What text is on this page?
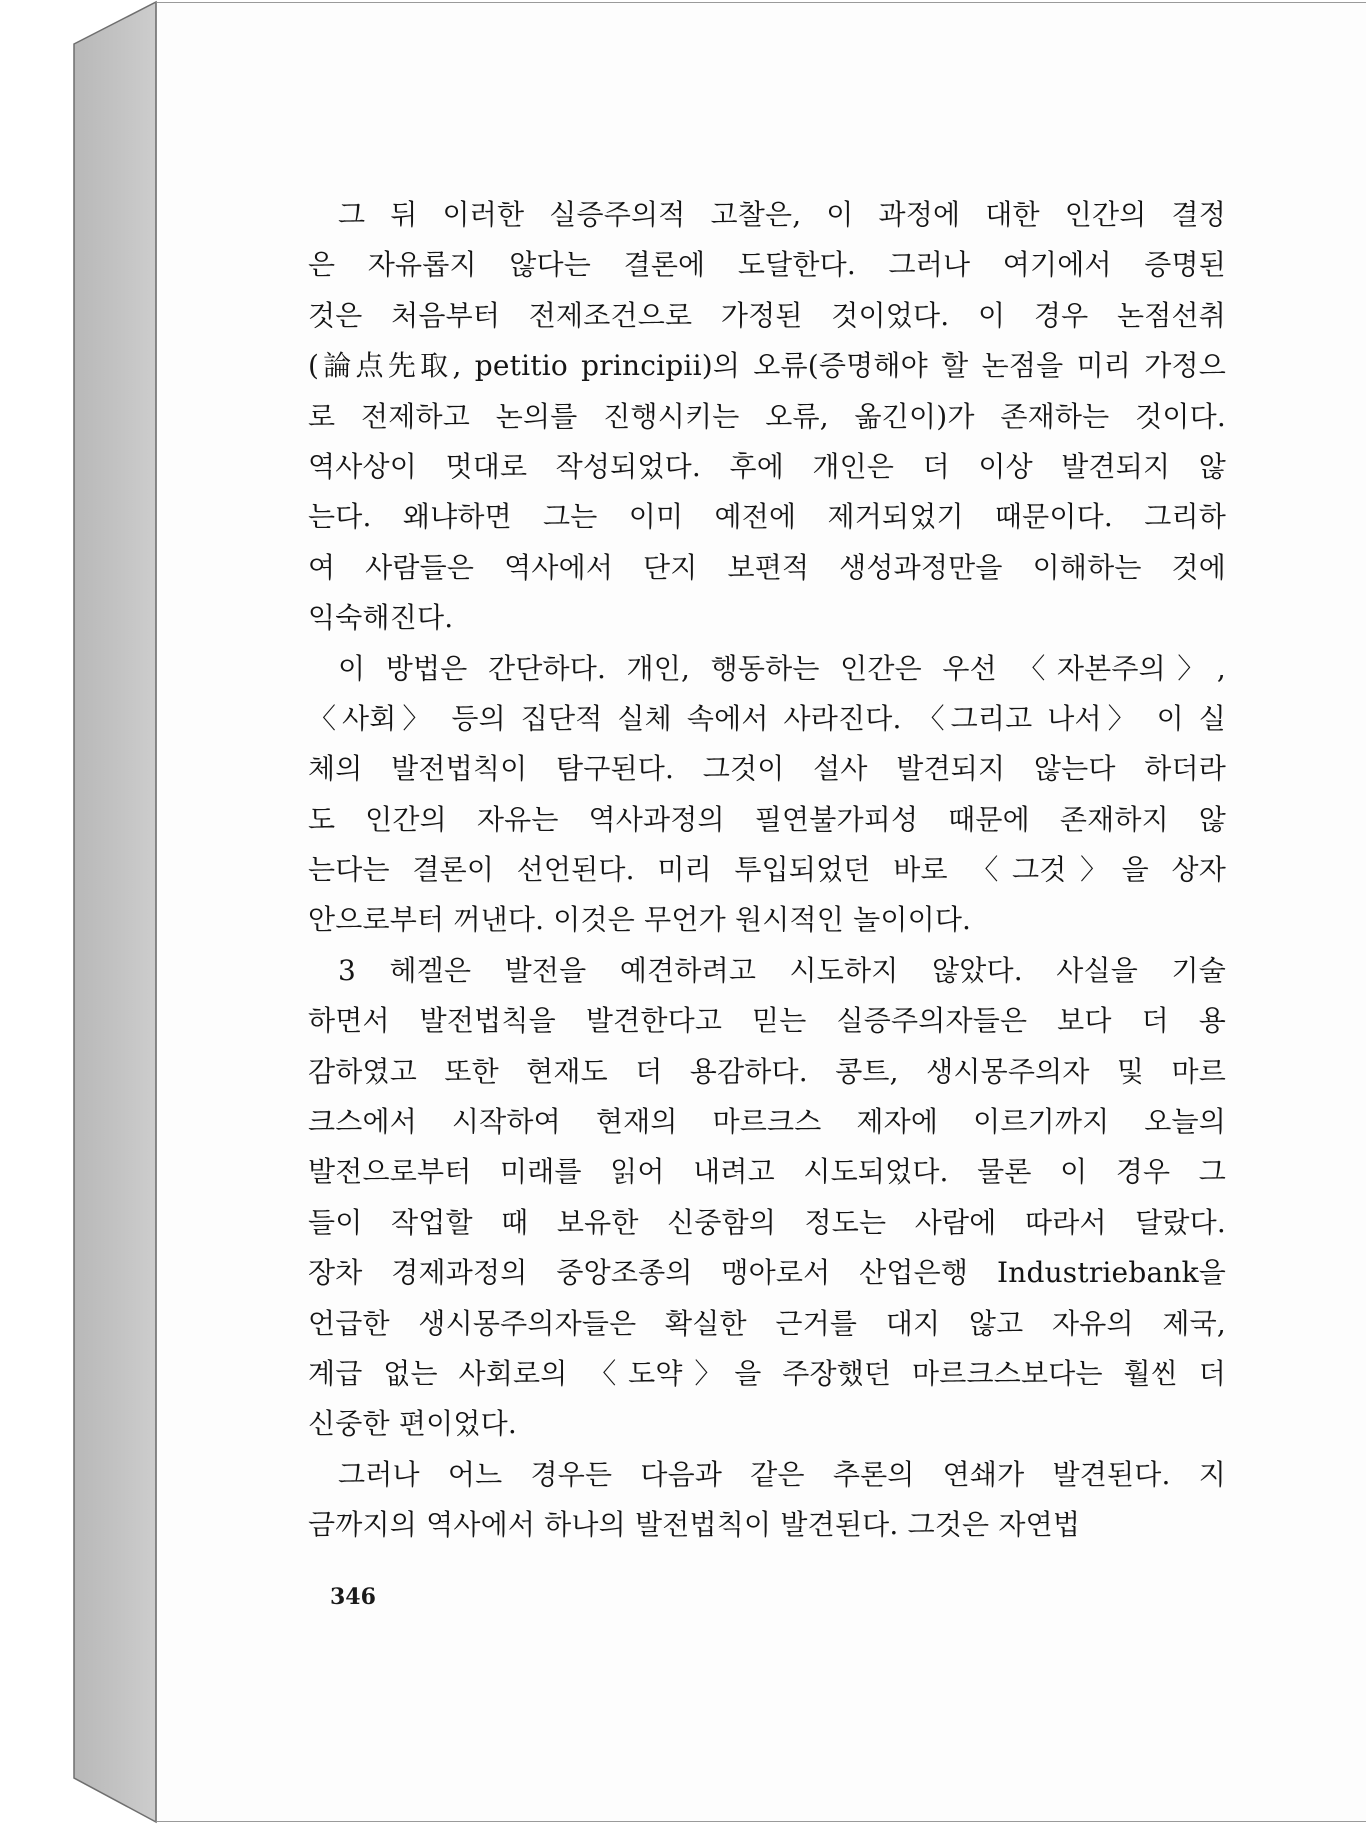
그 뒤 이러한 실증주의적 고찰은, 이 과정에 대한 인간의 결정
은 자유롭지 않다는 결론에 도달한다. 그러나 여기에서 증명된
것은 처음부터 전제조건으로 가정된 것이었다. 이 경우 논점선취
(論点先取, petitio principii)의 오류(증명해야 할 논점을 미리 가정으
로 전제하고 논의를 진행시키는 오류, 옮긴이)가 존재하는 것이다.
역사상이 멋대로 작성되었다. 후에 개인은 더 이상 발견되지 않
는다. 왜냐하면 그는 이미 예전에 제거되었기 때문이다. 그리하
여 사람들은 역사에서 단지 보편적 생성과정만을 이해하는 것에
익숙해진다.
이 방법은 간단하다. 개인, 행동하는 인간은 우선 〈자본주의〉,
〈사회〉 등의 집단적 실체 속에서 사라진다. 〈그리고 나서〉 이 실
체의 발전법칙이 탐구된다. 그것이 설사 발견되지 않는다 하더라
도 인간의 자유는 역사과정의 필연불가피성 때문에 존재하지 않
는다는 결론이 선언된다. 미리 투입되었던 바로 〈그것〉을 상자
안으로부터 꺼낸다. 이것은 무언가 원시적인 놀이이다.
3 헤겔은 발전을 예견하려고 시도하지 않았다. 사실을 기술
하면서 발전법칙을 발견한다고 믿는 실증주의자들은 보다 더 용
감하였고 또한 현재도 더 용감하다. 콩트, 생시몽주의자 및 마르
크스에서 시작하여 현재의 마르크스 제자에 이르기까지 오늘의
발전으로부터 미래를 읽어 내려고 시도되었다. 물론 이 경우 그
들이 작업할 때 보유한 신중함의 정도는 사람에 따라서 달랐다.
장차 경제과정의 중앙조종의 맹아로서 산업은행 Industriebank을
언급한 생시몽주의자들은 확실한 근거를 대지 않고 자유의 제국,
계급 없는 사회로의 〈도약〉을 주장했던 마르크스보다는 훨씬 더
신중한 편이었다.
그러나 어느 경우든 다음과 같은 추론의 연쇄가 발견된다. 지
금까지의 역사에서 하나의 발전법칙이 발견된다. 그것은 자연법
346
